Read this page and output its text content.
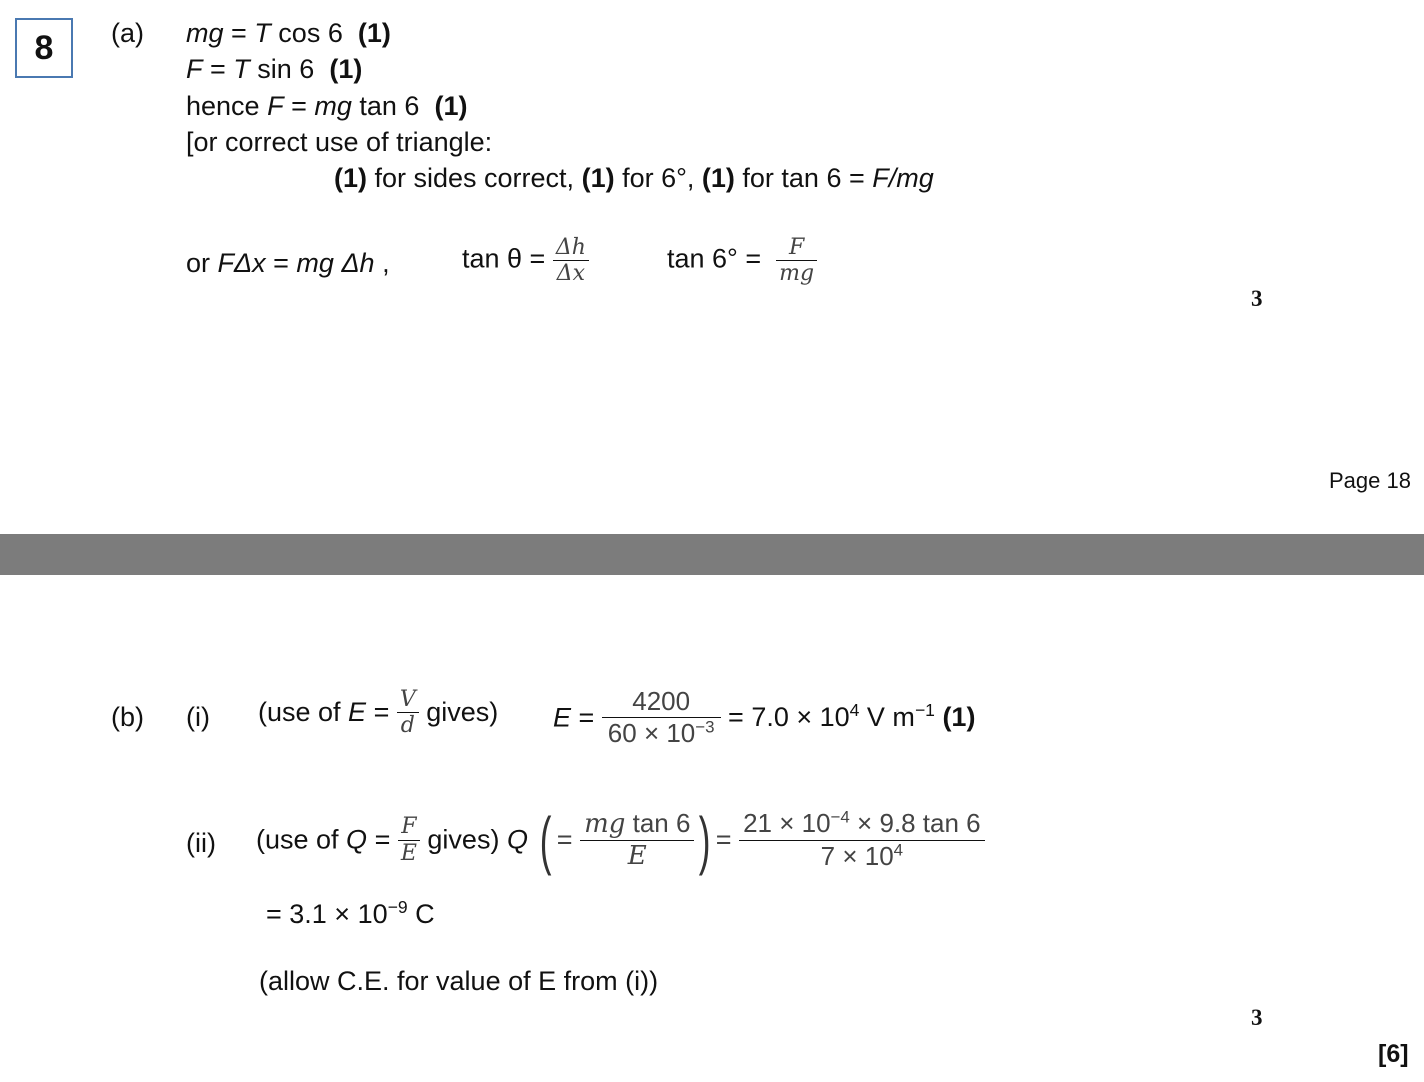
8 (a) mg = T cos 6 (1)
F = T sin 6 (1)
hence F = mg tan 6 (1)
[or correct use of triangle:
(1) for sides correct, (1) for 6°, (1) for tan 6 = F/mg
or FΔx = mg Δh ,	$\tan \theta = \frac{\Delta h}{\Delta x}$	$\tan 6^\circ = \frac{F}{mg}$
3
Page 18
(b) (i) (use of $E = \frac{V}{d}$ gives) $E = \frac{4200}{60 \times 10^{-3}} = 7.0 \times 10^4$ V $m^{-1}$ (1)
(ii) (use of $Q = \frac{F}{E}$ gives) Q ( = $\frac{\text{mg tan 6}}{E}$ ) = $\frac{21 \times 10^{-4} \times 9.8 \tan 6}{7 \times 10^4}$
= $3.1 \times 10^{-9}$ C
(allow C.E. for value of E from (i))
3
[6]
